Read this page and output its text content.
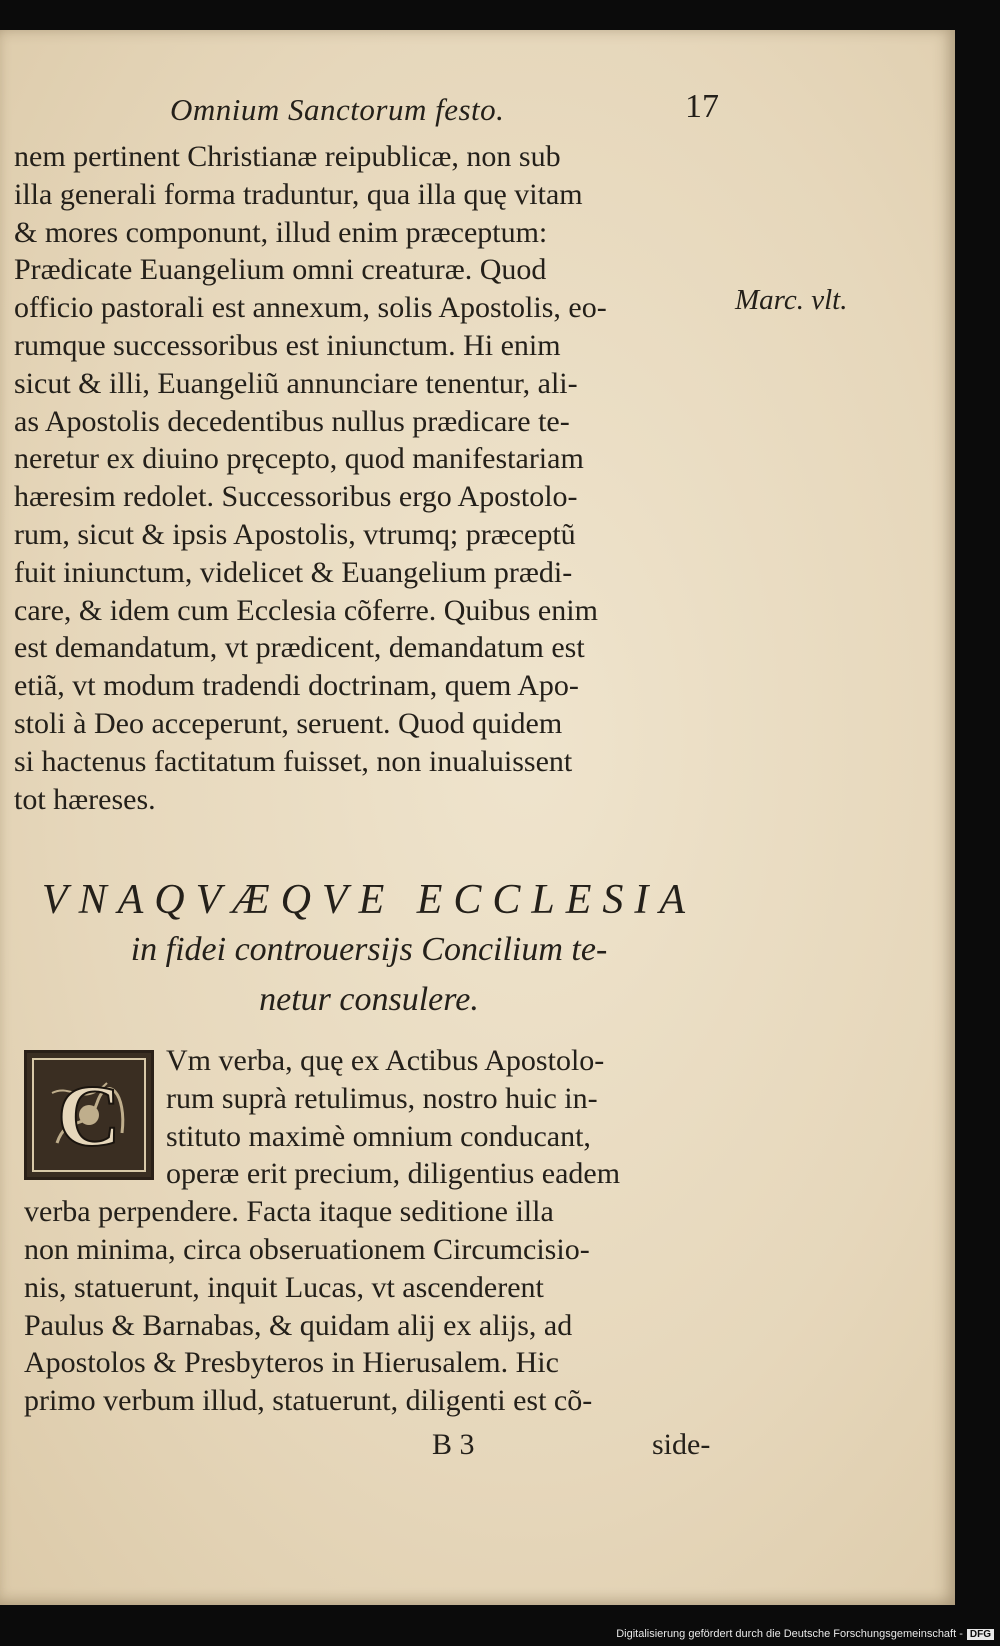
Omnium Sanctorum festo.	17
nem pertinent Christianæ reipublicæ, non sub
illa generali forma traduntur, qua illa quę vitam
& mores componunt, illud enim præceptum:
Prædicate Euangelium omni creaturæ. Quod
officio pastorali est annexum, solis Apostolis, eo-
rumque successoribus est iniunctum. Hi enim
sicut & illi, Euangeliũ annunciare tenentur, ali-
as Apostolis decedentibus nullus prædicare te-
neretur ex diuino pręcepto, quod manifestariam
hæresim redolet. Successoribus ergo Apostolo-
rum, sicut & ipsis Apostolis, vtrumq; præceptũ
fuit iniunctum, videlicet & Euangelium prædi-
care, & idem cum Ecclesia cõferre. Quibus enim
est demandatum, vt prædicent, demandatum est
etiã, vt modum tradendi doctrinam, quem Apo-
stoli à Deo acceperunt, seruent. Quod quidem
si hactenus factitatum fuisset, non inualuissent
tot hæreses.
Marc. vlt.
VNAQVÆQVE ECCLESIA
in fidei controuersijs Concilium te-
netur consulere.
C
Vm verba, quę ex Actibus Apostolo-
rum suprà retulimus, nostro huic in-
stituto maximè omnium conducant,
operæ erit precium, diligentius eadem
verba perpendere. Facta itaque seditione illa
non minima, circa obseruationem Circumcisio-
nis, statuerunt, inquit Lucas, vt ascenderent
Paulus & Barnabas, & quidam alij ex alijs, ad
Apostolos & Presbyteros in Hierusalem. Hic
primo verbum illud, statuerunt, diligenti est cõ-
B 3	side-
Digitalisierung gefördert durch die Deutsche Forschungsgemeinschaft - DFG
